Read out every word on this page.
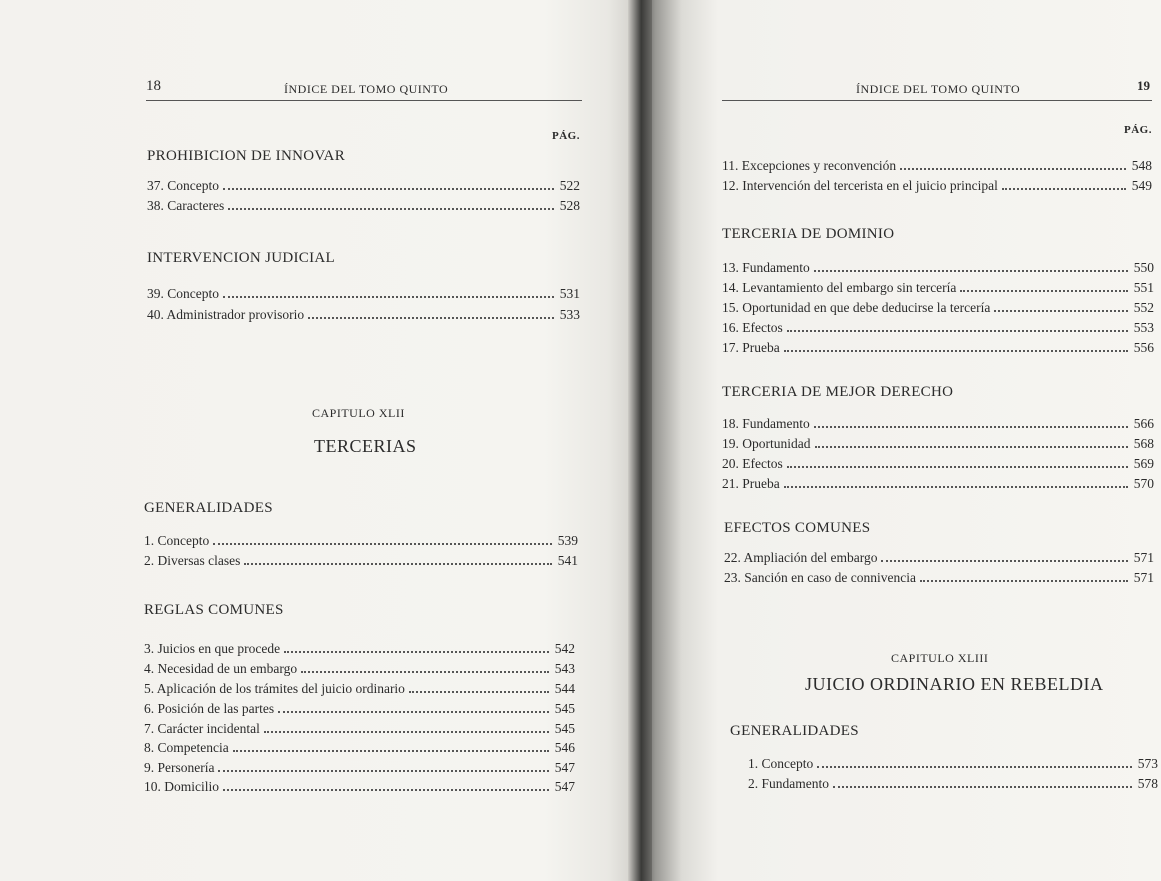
18	ÍNDICE DEL TOMO QUINTO
PÁG.
PROHIBICION DE INNOVAR
37. Concepto	522
38. Caracteres	528
INTERVENCION JUDICIAL
39. Concepto	531
40. Administrador provisorio	533
CAPITULO XLII
TERCERIAS
GENERALIDADES
1. Concepto	539
2. Diversas clases	541
REGLAS COMUNES
3. Juicios en que procede	542
4. Necesidad de un embargo	543
5. Aplicación de los trámites del juicio ordinario	544
6. Posición de las partes	545
7. Carácter incidental	545
8. Competencia	546
9. Personería	547
10. Domicilio	547
ÍNDICE DEL TOMO QUINTO	19
PÁG.
11. Excepciones y reconvención	548
12. Intervención del tercerista en el juicio principal	549
TERCERIA DE DOMINIO
13. Fundamento	550
14. Levantamiento del embargo sin tercería	551
15. Oportunidad en que debe deducirse la tercería	552
16. Efectos	553
17. Prueba	556
TERCERIA DE MEJOR DERECHO
18. Fundamento	566
19. Oportunidad	568
20. Efectos	569
21. Prueba	570
EFECTOS COMUNES
22. Ampliación del embargo	571
23. Sanción en caso de connivencia	571
CAPITULO XLIII
JUICIO ORDINARIO EN REBELDIA
GENERALIDADES
1. Concepto	573
2. Fundamento	578
